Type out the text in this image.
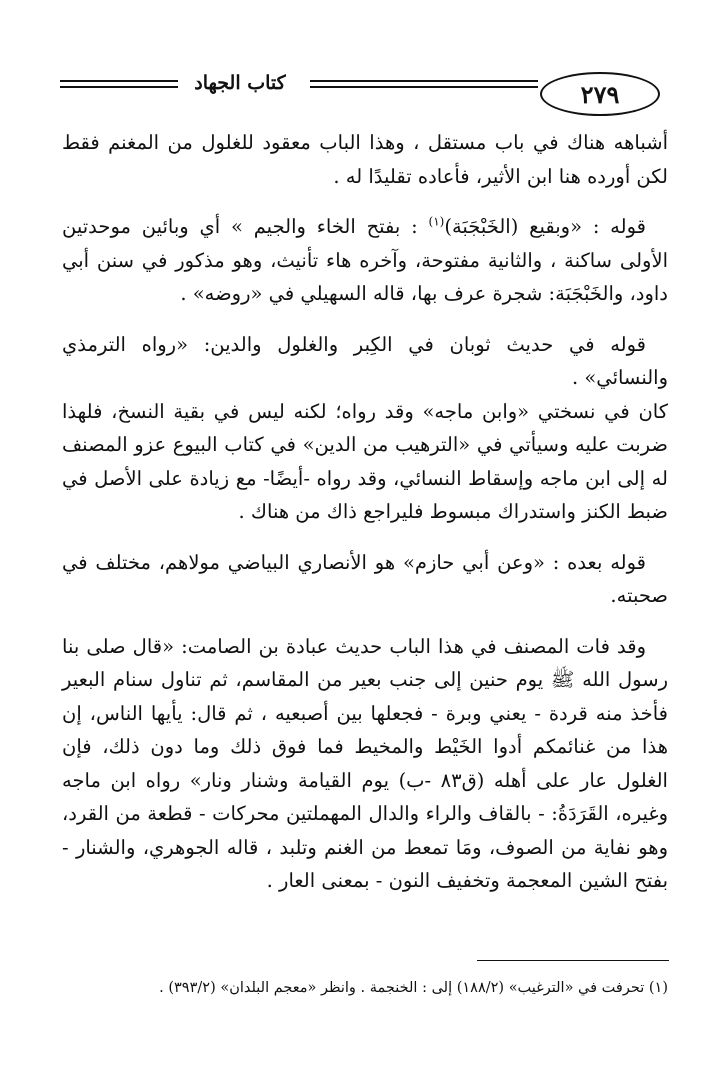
كتاب الجهاد	٢٧٩

أشباهه هناك في باب مستقل ، وهذا الباب معقود للغلول من المغنم فقط لكن أورده هنا ابن الأثير، فأعاده تقليدًا له .

قوله : «وبقيع (الخَبْجَبَة)$^{(١)}$ : بفتح الخاء والجيم » أي وبائين موحدتين الأولى ساكنة ، والثانية مفتوحة، وآخره هاء تأنيث، وهو مذكور في سنن أبي داود، والخَبْجَبَة: شجرة عرف بها، قاله السهيلي في «روضه» .

قوله في حديث ثوبان في الكِبر والغلول والدين: «رواه الترمذي والنسائي» .

كان في نسختي «وابن ماجه» وقد رواه؛ لكنه ليس في بقية النسخ، فلهذا ضربت عليه وسيأتي في «الترهيب من الدين» في كتاب البيوع عزو المصنف له إلى ابن ماجه وإسقاط النسائي، وقد رواه -أيضًا- مع زيادة على الأصل في ضبط الكنز واستدراك مبسوط فليراجع ذاك من هناك .

قوله بعده : «وعن أبي حازم» هو الأنصاري البياضي مولاهم، مختلف في صحبته.

وقد فات المصنف في هذا الباب حديث عبادة بن الصامت: «قال صلى بنا رسول الله ﷺ يوم حنين إلى جنب بعير من المقاسم، ثم تناول سنام البعير فأخذ منه قردة - يعني وبرة - فجعلها بين أصبعيه ، ثم قال: يأيها الناس، إن هذا من غنائمكم أدوا الخَيْط والمخيط فما فوق ذلك وما دون ذلك، فإن الغلول عار على أهله (ق٨٣ -ب) يوم القيامة وشنار ونار» رواه ابن ماجه وغيره، القَرَدَةُ: - بالقاف والراء والدال المهملتين محركات - قطعة من القرد، وهو نفاية من الصوف، ومَا تمعط من الغنم وتلبد ، قاله الجوهري، والشنار - بفتح الشين المعجمة وتخفيف النون - بمعنى العار .

(١) تحرفت في «الترغيب» (١٨٨/٢) إلى : الخنجمة . وانظر «معجم البلدان» (٣٩٣/٢) .
